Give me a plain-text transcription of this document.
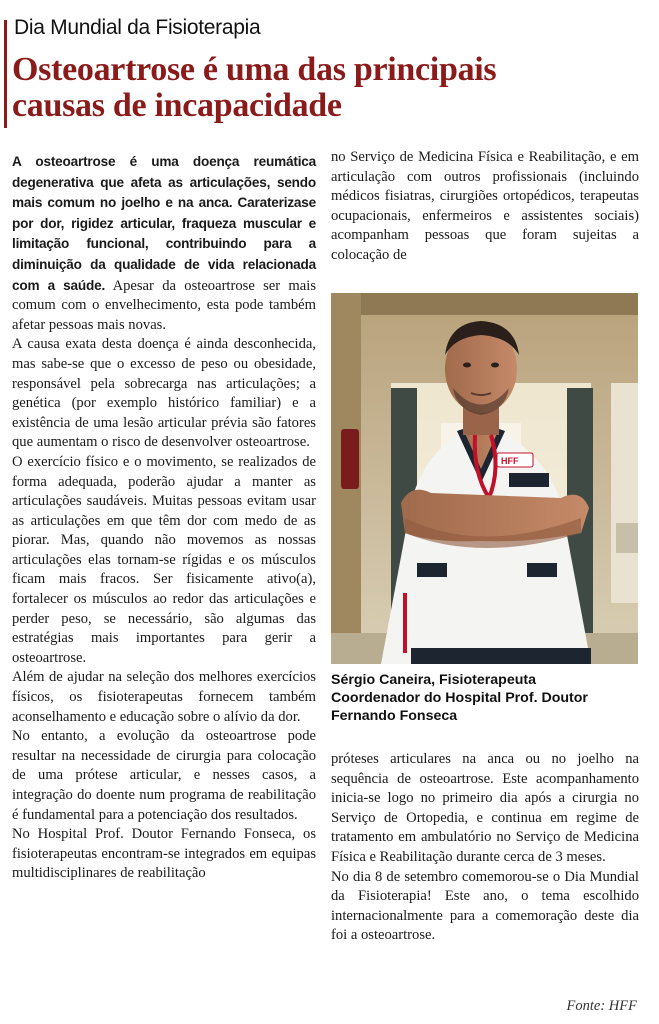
Dia Mundial da Fisioterapia
Osteoartrose é uma das principais
causas de incapacidade

A osteoartrose é uma doença reumática degenerativa que afeta as articulações, sendo mais comum no joelho e na anca. Caraterizase por dor, rigidez articular, fraqueza muscular e limitação funcional, contribuindo para a diminuição da qualidade de vida relacionada com a saúde. Apesar da osteoartrose ser mais comum com o envelhecimento, esta pode também afetar pessoas mais novas.

A causa exata desta doença é ainda desconhecida, mas sabe-se que o excesso de peso ou obesidade, responsável pela sobrecarga nas articulações; a genética (por exemplo histórico familiar) e a existência de uma lesão articular prévia são fatores que aumentam o risco de desenvolver osteoartrose.

O exercício físico e o movimento, se realizados de forma adequada, poderão ajudar a manter as articulações saudáveis. Muitas pessoas evitam usar as articulações em que têm dor com medo de as piorar. Mas, quando não movemos as nossas articulações elas tornam-se rígidas e os músculos ficam mais fracos. Ser fisicamente ativo(a), fortalecer os músculos ao redor das articulações e perder peso, se necessário, são algumas das estratégias mais importantes para gerir a osteoartrose.

Além de ajudar na seleção dos melhores exercícios físicos, os fisioterapeutas fornecem também aconselhamento e educação sobre o alívio da dor.

No entanto, a evolução da osteoartrose pode resultar na necessidade de cirurgia para colocação de uma prótese articular, e nesses casos, a integração do doente num programa de reabilitação é fundamental para a potenciação dos resultados.

No Hospital Prof. Doutor Fernando Fonseca, os fisioterapeutas encontram-se integrados em equipas multidisciplinares de reabilitação

no Serviço de Medicina Física e Reabilitação, e em articulação com outros profissionais (incluindo médicos fisiatras, cirurgiões ortopédicos, terapeutas ocupacionais, enfermeiros e assistentes sociais) acompanham pessoas que foram sujeitas a colocação de

HFF

Sérgio Caneira, Fisioterapeuta

Coordenador do Hospital Prof. Doutor

Fernando Fonseca

próteses articulares na anca ou no joelho na sequência de osteoartrose. Este acompanhamento inicia-se logo no primeiro dia após a cirurgia no Serviço de Ortopedia, e continua em regime de tratamento em ambulatório no Serviço de Medicina Física e Reabilitação durante cerca de 3 meses.

No dia 8 de setembro comemorou-se o Dia Mundial da Fisioterapia! Este ano, o tema escolhido internacionalmente para a comemoração deste dia foi a osteoartrose.

Fonte: HFF
